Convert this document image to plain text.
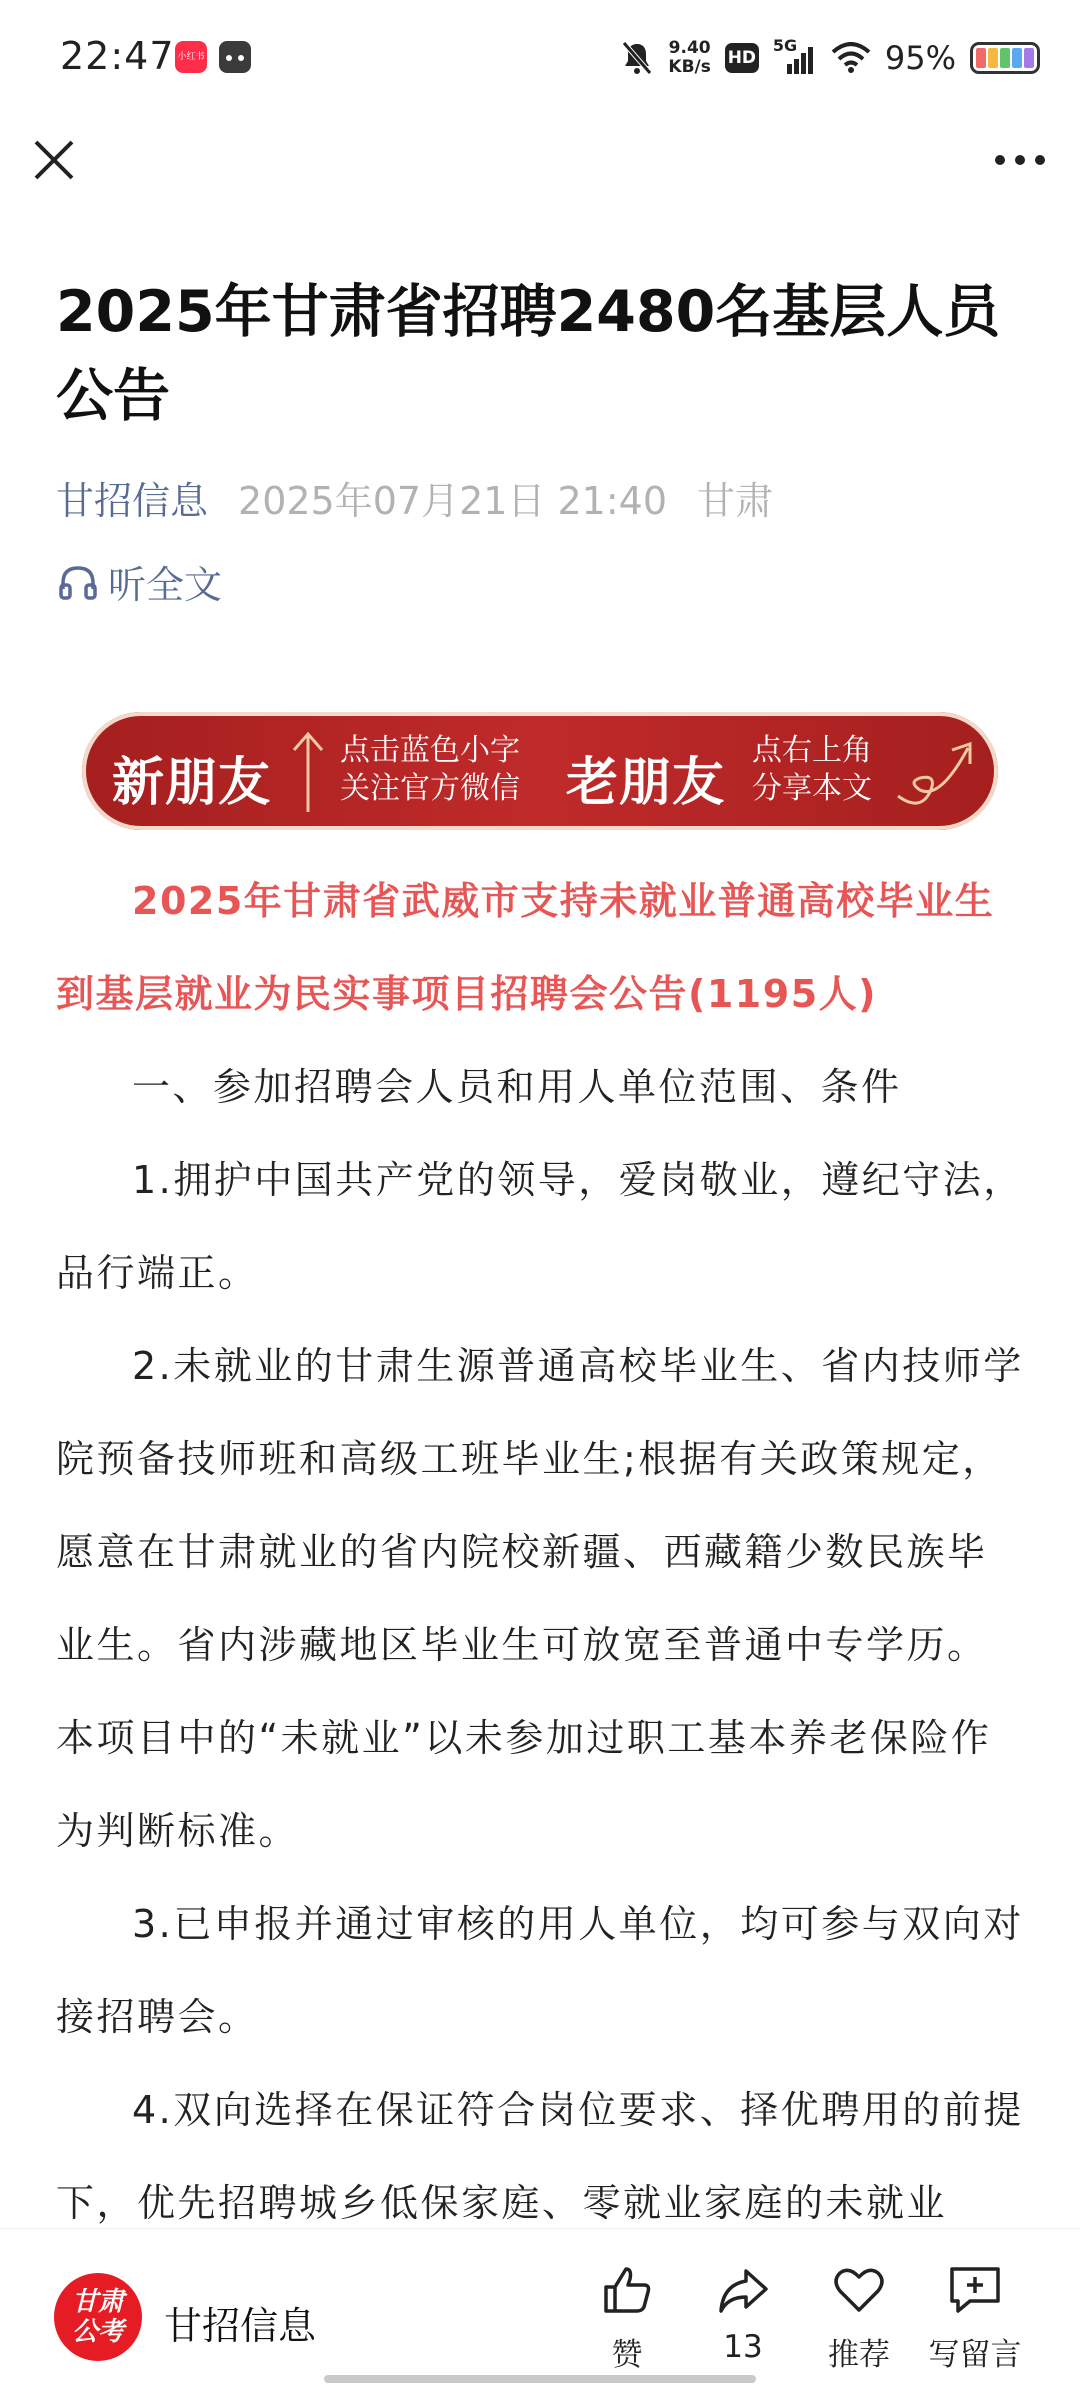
22:47 小红书	9.40
KB/s HD
5G	95%
2025年甘肃省招聘2480名基层人员公告
甘招信息 2025年07月21日 21:40 甘肃
听全文
新朋友
点击蓝色小字
关注官方微信 老朋友
点右上角
分享本文

2025年甘肃省武威市支持未就业普通高校毕业生到基层就业为民实事项目招聘会公告(1195人)

一、参加招聘会人员和用人单位范围、条件

1.拥护中国共产党的领导，爱岗敬业，遵纪守法，品行端正。

2.未就业的甘肃生源普通高校毕业生、省内技师学院预备技师班和高级工班毕业生;根据有关政策规定，愿意在甘肃就业的省内院校新疆、西藏籍少数民族毕业生。省内涉藏地区毕业生可放宽至普通中专学历。本项目中的“未就业”以未参加过职工基本养老保险作为判断标准。

3.已申报并通过审核的用人单位，均可参与双向对接招聘会。

4.双向选择在保证符合岗位要求、择优聘用的前提下，优先招聘城乡低保家庭、零就业家庭的未就业

甘肃
公考	甘招信息
赞	13	推荐	写留言
